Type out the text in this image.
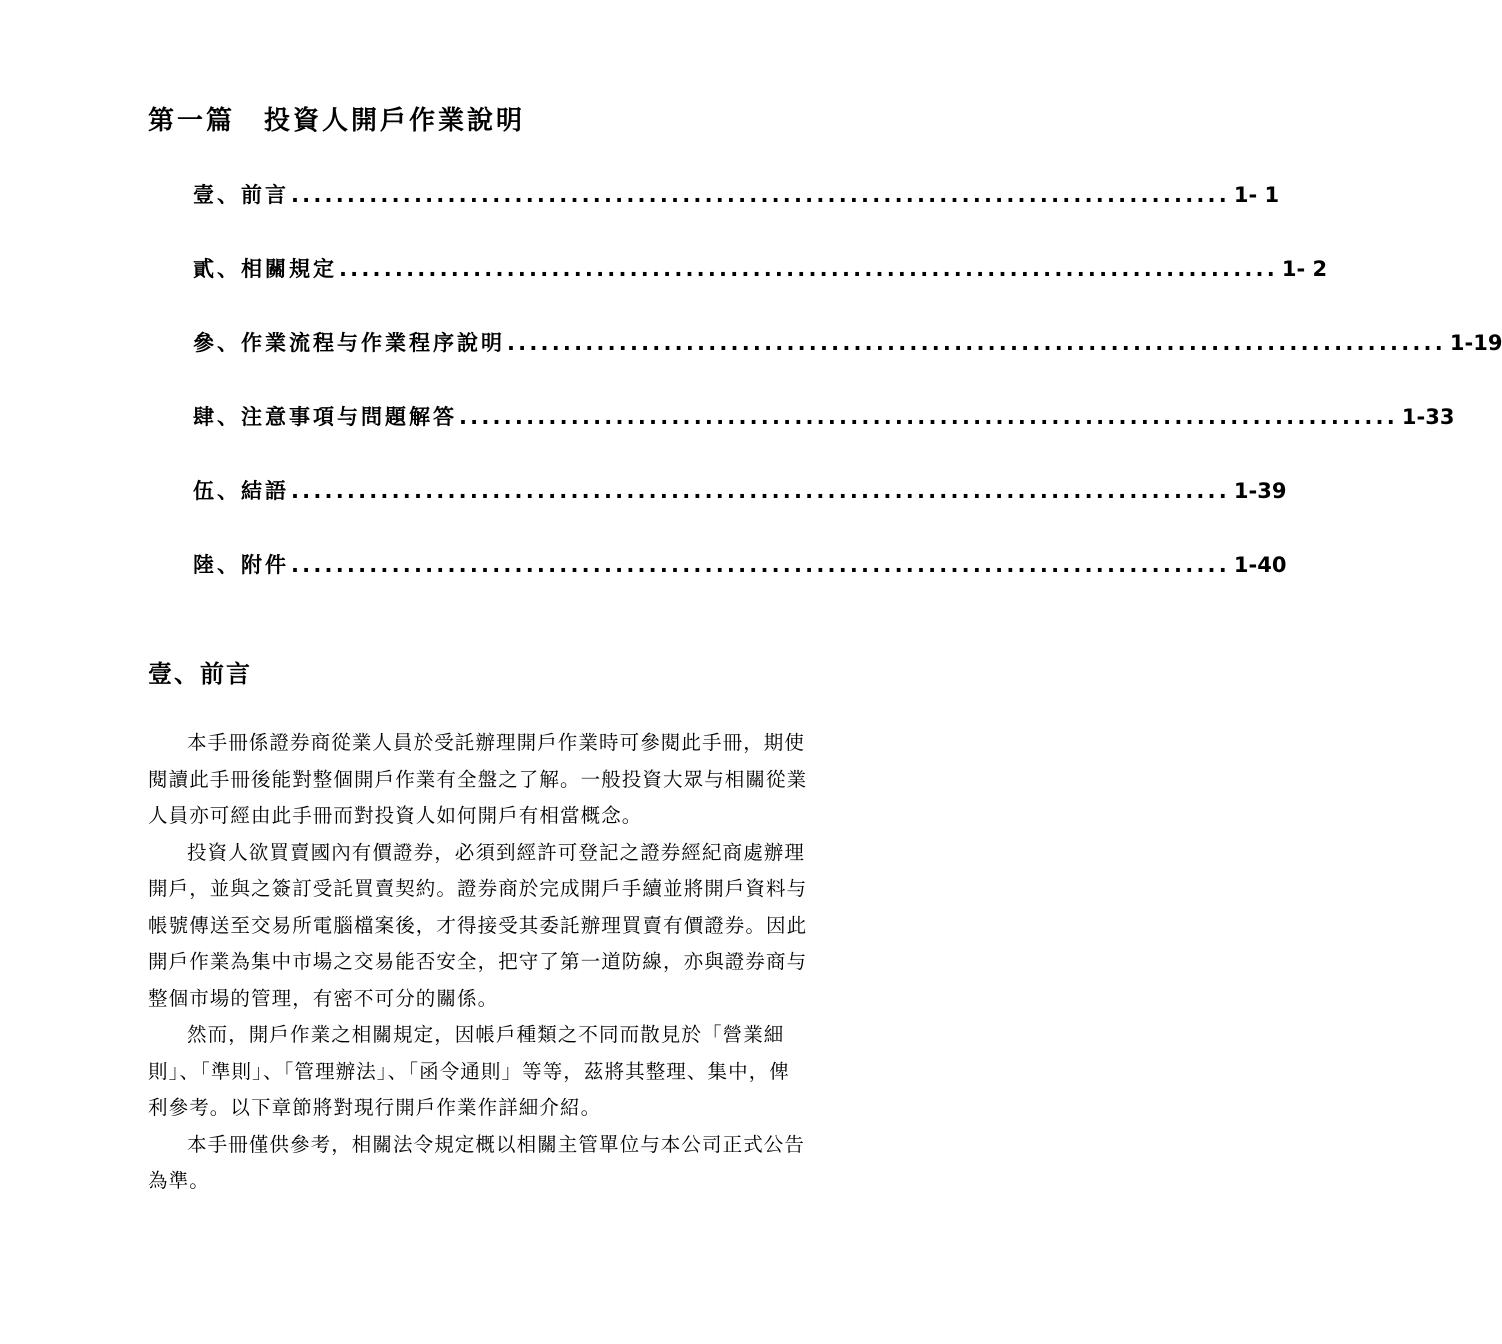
第一篇　投資人開戶作業說明
壹、前言 .................................................................................... 1- 1
貳、相關規定 .................................................................................... 1- 2
參、作業流程与作業程序說明 .................................................................................... 1-19
肆、注意事項与問題解答 .................................................................................... 1-33
伍、結語 .................................................................................... 1-39
陸、附件 .................................................................................... 1-40
壹、前言

本手冊係證券商從業人員於受託辦理開戶作業時可參閱此手冊，期使閱讀此手冊後能對整個開戶作業有全盤之了解。一般投資大眾与相關從業人員亦可經由此手冊而對投資人如何開戶有相當概念。

投資人欲買賣國內有價證券，必須到經許可登記之證券經紀商處辦理開戶，並與之簽訂受託買賣契約。證券商於完成開戶手續並將開戶資料与帳號傳送至交易所電腦檔案後，才得接受其委託辦理買賣有價證券。因此開戶作業為集中市場之交易能否安全，把守了第一道防線，亦與證券商与整個市場的管理，有密不可分的關係。

然而，開戶作業之相關規定，因帳戶種類之不同而散見於「營業細則」、「準則」、「管理辦法」、「函令通則」等等，茲將其整理、集中，俾利參考。以下章節將對現行開戶作業作詳細介紹。

本手冊僅供參考，相關法令規定概以相關主管單位与本公司正式公告為準。
